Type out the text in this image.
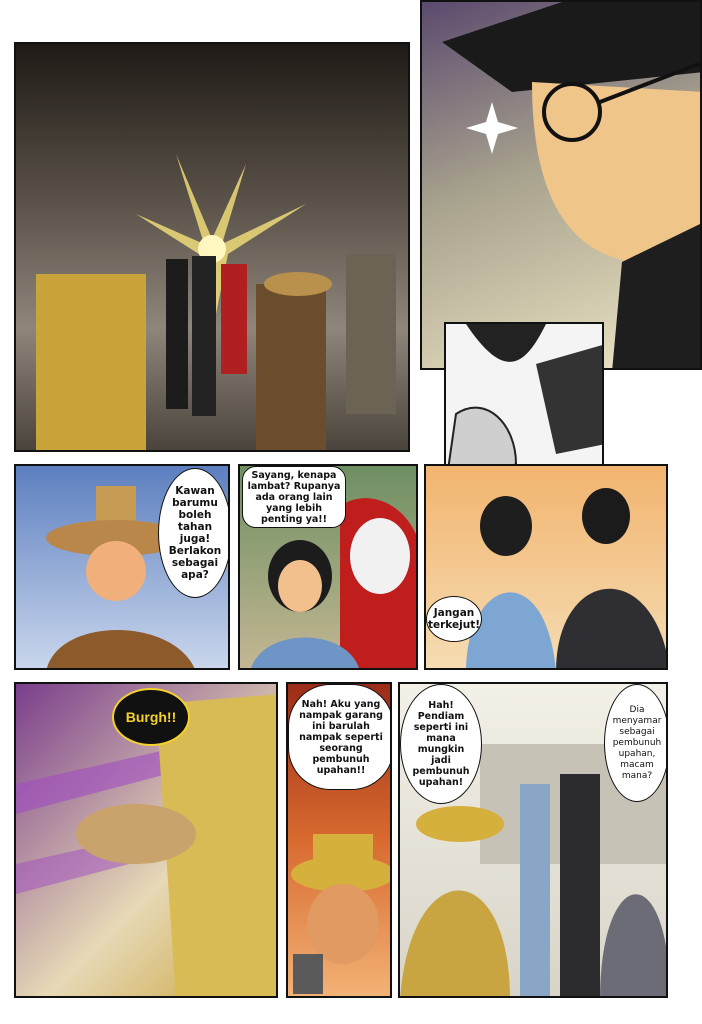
Kawan
barumu
boleh
tahan
juga!
Berlakon
sebagai
apa?
Sayang, kenapa
lambat? Rupanya
ada orang lain
yang lebih
penting ya!!
Jangan
terkejut!
Burgh!!
Nah! Aku yang
nampak garang
ini barulah
nampak seperti
seorang
pembunuh
upahan!!
Hah!
Pendiam
seperti ini
mana
mungkin
jadi
pembunuh
upahan!
Dia
menyamar
sebagai
pembunuh
upahan,
macam
mana?
